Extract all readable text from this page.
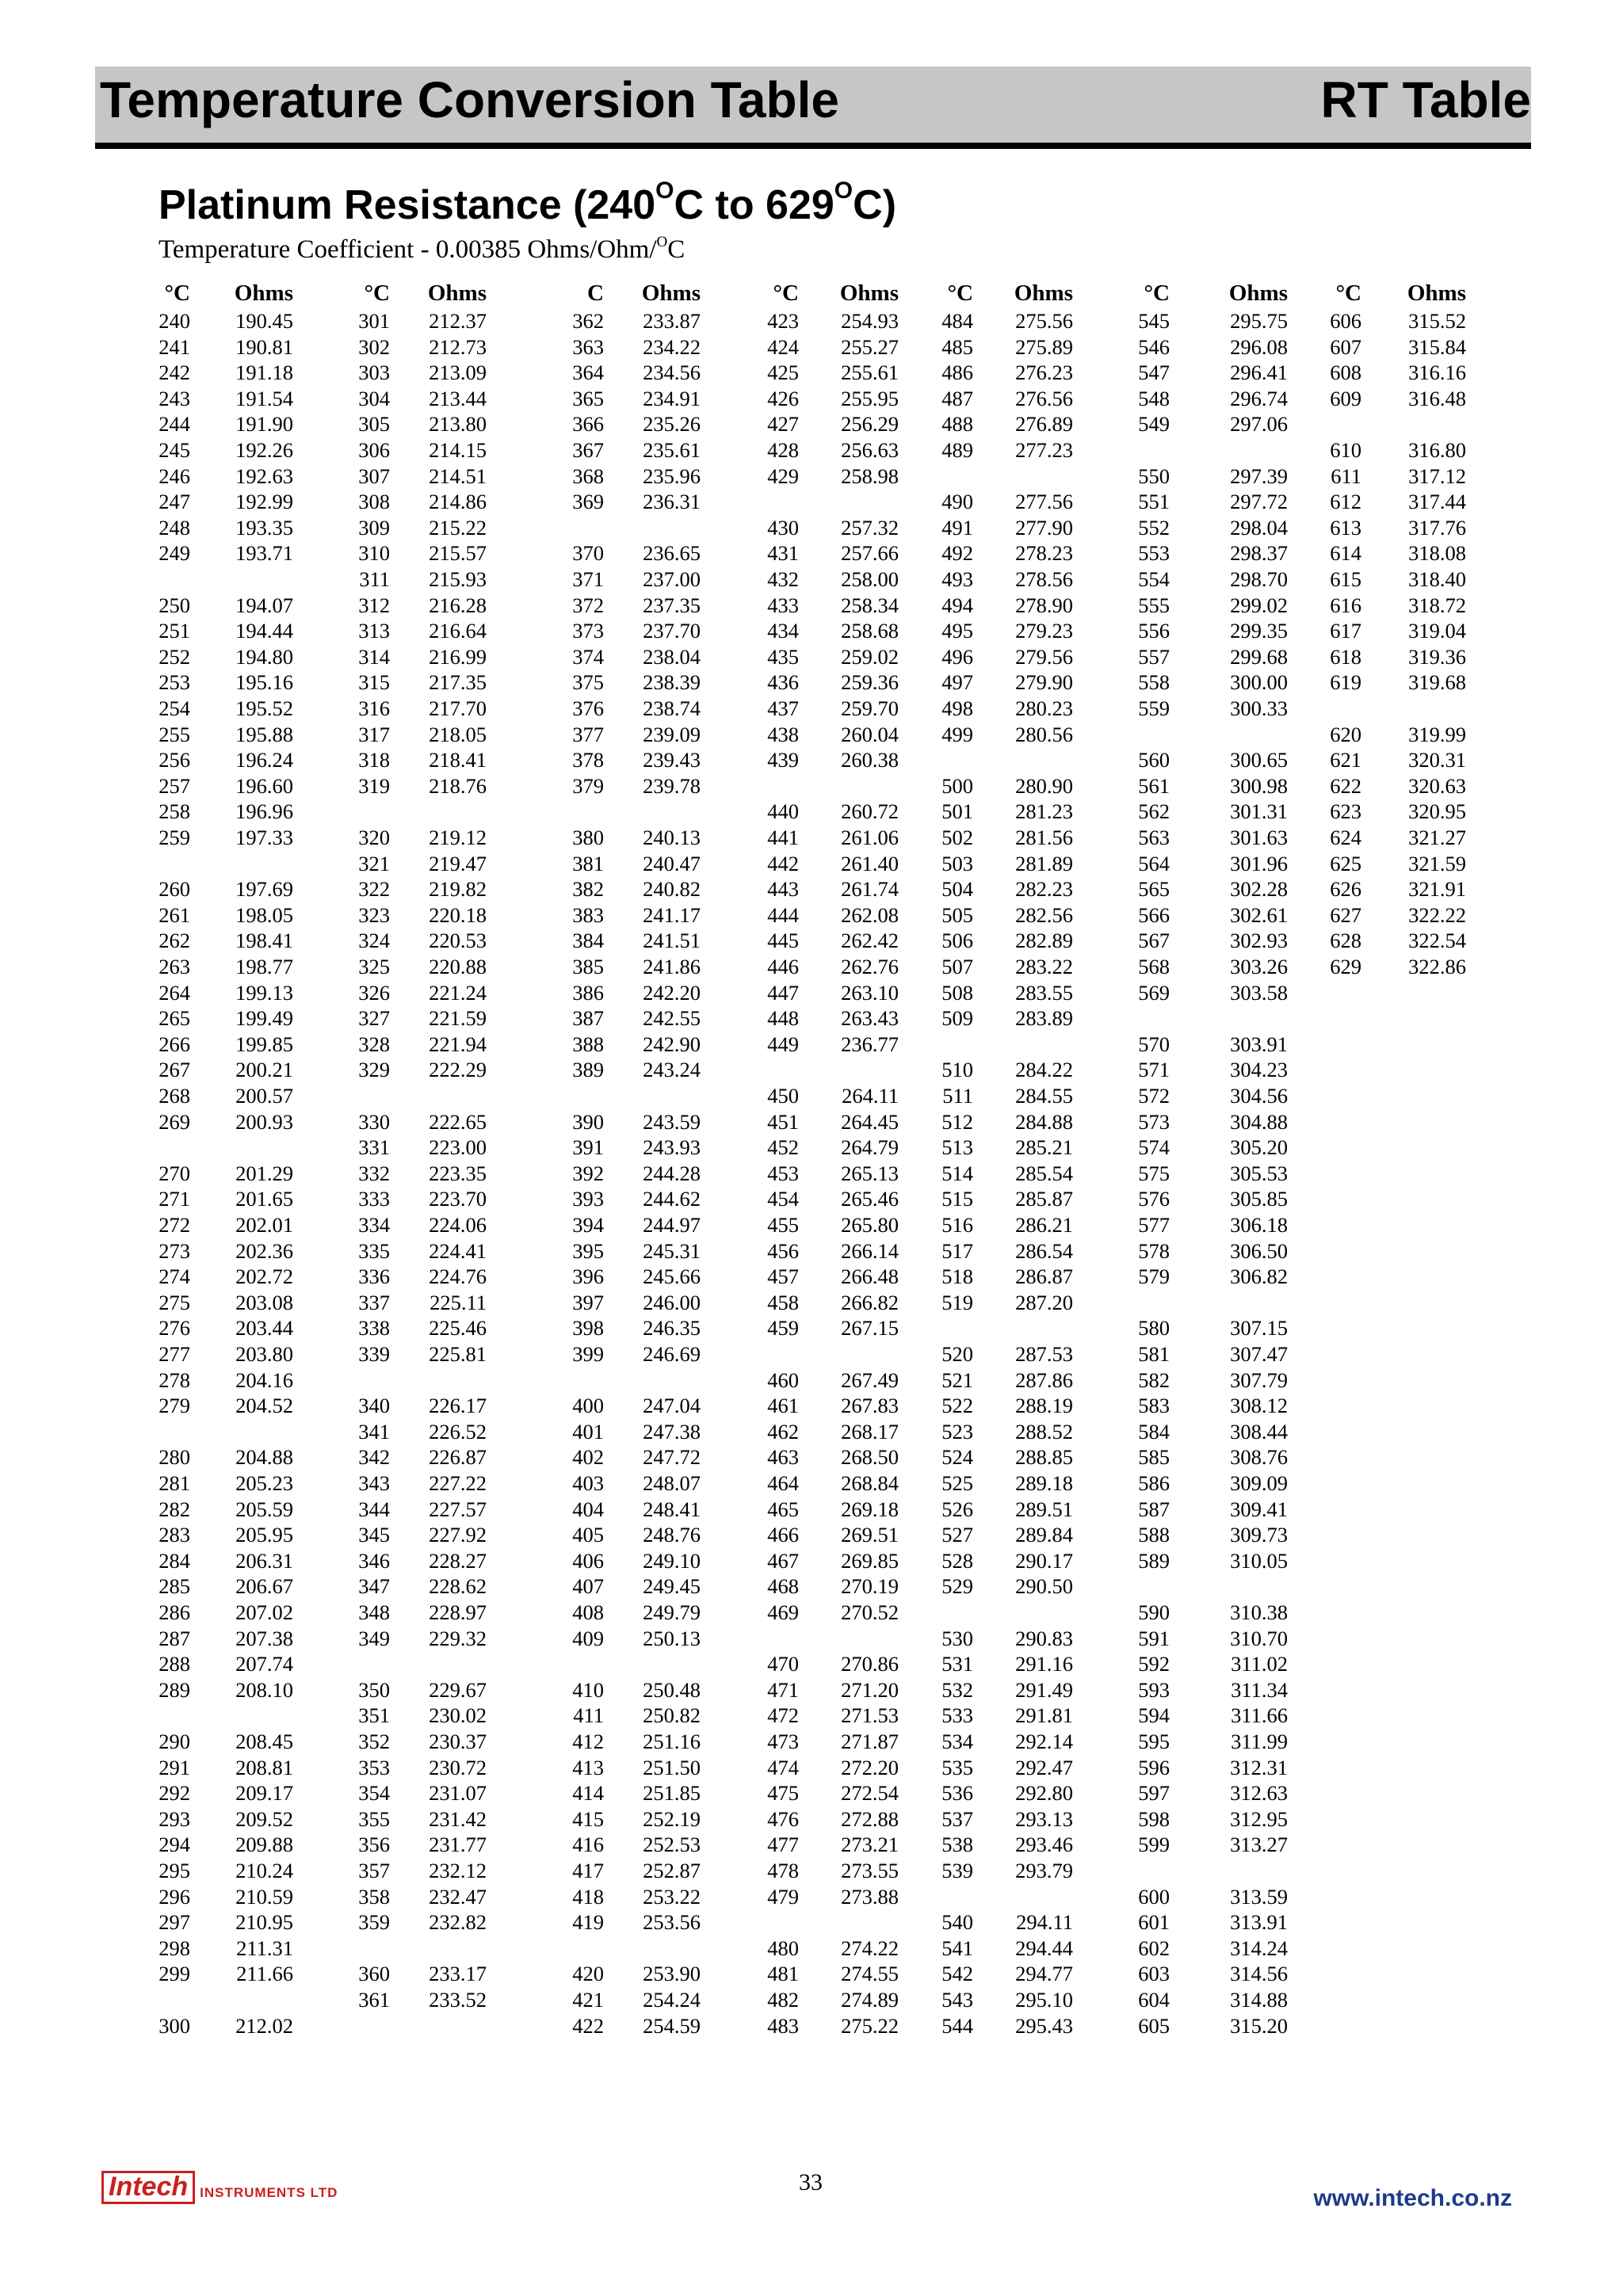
Temperature Conversion Table	RT Table
Platinum Resistance ($240^OC$ to $629^OC$)
Temperature Coefficient - 0.00385 Ohms/Ohm/$^O$C
°C Ohms
240 190.45
241 190.81
242 191.18
243 191.54
244 191.90
245 192.26
246 192.63
247 192.99
248 193.35
249 193.71
250 194.07
251 194.44
252 194.80
253 195.16
254 195.52
255 195.88
256 196.24
257 196.60
258 196.96
259 197.33
260 197.69
261 198.05
262 198.41
263 198.77
264 199.13
265 199.49
266 199.85
267 200.21
268 200.57
269 200.93
270 201.29
271 201.65
272 202.01
273 202.36
274 202.72
275 203.08
276 203.44
277 203.80
278 204.16
279 204.52
280 204.88
281 205.23
282 205.59
283 205.95
284 206.31
285 206.67
286 207.02
287 207.38
288 207.74
289 208.10
290 208.45
291 208.81
292 209.17
293 209.52
294 209.88
295 210.24
296 210.59
297 210.95
298 211.31
299 211.66
300 212.02
°C Ohms
301 212.37
302 212.73
303 213.09
304 213.44
305 213.80
306 214.15
307 214.51
308 214.86
309 215.22
310 215.57
311 215.93
312 216.28
313 216.64
314 216.99
315 217.35
316 217.70
317 218.05
318 218.41
319 218.76
320 219.12
321 219.47
322 219.82
323 220.18
324 220.53
325 220.88
326 221.24
327 221.59
328 221.94
329 222.29
330 222.65
331 223.00
332 223.35
333 223.70
334 224.06
335 224.41
336 224.76
337 225.11
338 225.46
339 225.81
340 226.17
341 226.52
342 226.87
343 227.22
344 227.57
345 227.92
346 228.27
347 228.62
348 228.97
349 229.32
350 229.67
351 230.02
352 230.37
353 230.72
354 231.07
355 231.42
356 231.77
357 232.12
358 232.47
359 232.82
360 233.17
361 233.52
C Ohms
362 233.87
363 234.22
364 234.56
365 234.91
366 235.26
367 235.61
368 235.96
369 236.31
370 236.65
371 237.00
372 237.35
373 237.70
374 238.04
375 238.39
376 238.74
377 239.09
378 239.43
379 239.78
380 240.13
381 240.47
382 240.82
383 241.17
384 241.51
385 241.86
386 242.20
387 242.55
388 242.90
389 243.24
390 243.59
391 243.93
392 244.28
393 244.62
394 244.97
395 245.31
396 245.66
397 246.00
398 246.35
399 246.69
400 247.04
401 247.38
402 247.72
403 248.07
404 248.41
405 248.76
406 249.10
407 249.45
408 249.79
409 250.13
410 250.48
411 250.82
412 251.16
413 251.50
414 251.85
415 252.19
416 252.53
417 252.87
418 253.22
419 253.56
420 253.90
421 254.24
422 254.59
°C Ohms
423 254.93
424 255.27
425 255.61
426 255.95
427 256.29
428 256.63
429 258.98
430 257.32
431 257.66
432 258.00
433 258.34
434 258.68
435 259.02
436 259.36
437 259.70
438 260.04
439 260.38
440 260.72
441 261.06
442 261.40
443 261.74
444 262.08
445 262.42
446 262.76
447 263.10
448 263.43
449 236.77
450 264.11
451 264.45
452 264.79
453 265.13
454 265.46
455 265.80
456 266.14
457 266.48
458 266.82
459 267.15
460 267.49
461 267.83
462 268.17
463 268.50
464 268.84
465 269.18
466 269.51
467 269.85
468 270.19
469 270.52
470 270.86
471 271.20
472 271.53
473 271.87
474 272.20
475 272.54
476 272.88
477 273.21
478 273.55
479 273.88
480 274.22
481 274.55
482 274.89
483 275.22
°C Ohms
484 275.56
485 275.89
486 276.23
487 276.56
488 276.89
489 277.23
490 277.56
491 277.90
492 278.23
493 278.56
494 278.90
495 279.23
496 279.56
497 279.90
498 280.23
499 280.56
500 280.90
501 281.23
502 281.56
503 281.89
504 282.23
505 282.56
506 282.89
507 283.22
508 283.55
509 283.89
510 284.22
511 284.55
512 284.88
513 285.21
514 285.54
515 285.87
516 286.21
517 286.54
518 286.87
519 287.20
520 287.53
521 287.86
522 288.19
523 288.52
524 288.85
525 289.18
526 289.51
527 289.84
528 290.17
529 290.50
530 290.83
531 291.16
532 291.49
533 291.81
534 292.14
535 292.47
536 292.80
537 293.13
538 293.46
539 293.79
540 294.11
541 294.44
542 294.77
543 295.10
544 295.43
°C	Ohms
545	295.75
546	296.08
547	296.41
548	296.74
549	297.06
550	297.39
551	297.72
552	298.04
553	298.37
554	298.70
555	299.02
556	299.35
557	299.68
558	300.00
559	300.33
560	300.65
561	300.98
562	301.31
563	301.63
564	301.96
565	302.28
566	302.61
567	302.93
568	303.26
569	303.58
570	303.91
571	304.23
572	304.56
573	304.88
574	305.20
575	305.53
576	305.85
577	306.18
578	306.50
579	306.82
580	307.15
581	307.47
582	307.79
583	308.12
584	308.44
585	308.76
586	309.09
587	309.41
588	309.73
589	310.05
590	310.38
591	310.70
592	311.02
593	311.34
594	311.66
595	311.99
596	312.31
597	312.63
598	312.95
599	313.27
600	313.59
601	313.91
602	314.24
603	314.56
604	314.88
605	315.20
°C Ohms
606 315.52
607 315.84
608 316.16
609 316.48
610 316.80
611 317.12
612 317.44
613 317.76
614 318.08
615 318.40
616 318.72
617 319.04
618 319.36
619 319.68
620 319.99
621 320.31
622 320.63
623 320.95
624 321.27
625 321.59
626 321.91
627 322.22
628 322.54
629 322.86
Intech INSTRUMENTS LTD	33
www.intech.co.nz
